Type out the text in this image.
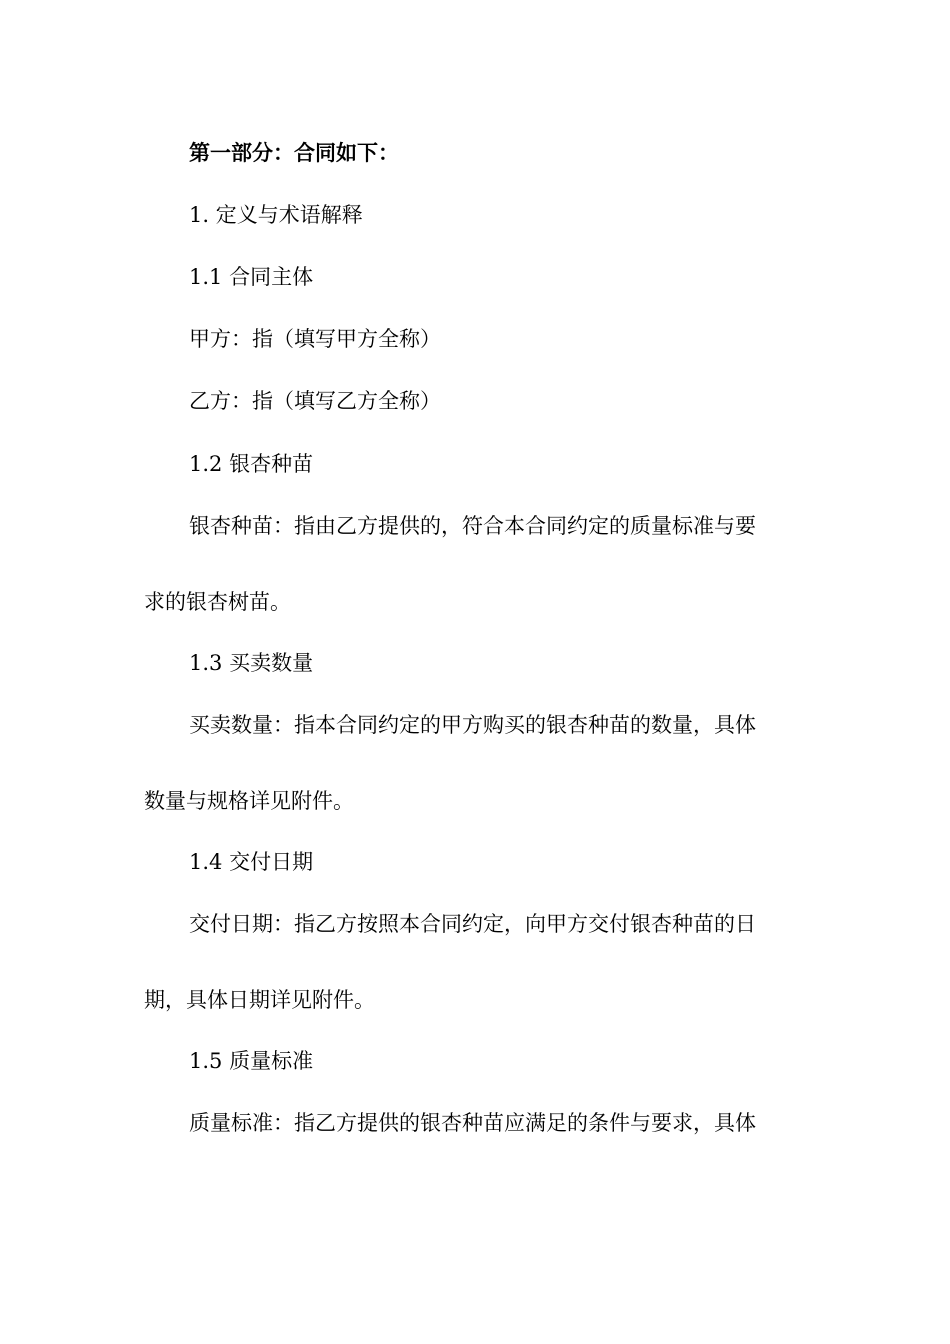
第一部分：合同如下：
1. 定义与术语解释
1.1 合同主体
甲方：指（填写甲方全称）
乙方：指（填写乙方全称）
1.2 银杏种苗
银杏种苗：指由乙方提供的，符合本合同约定的质量标准与要
求的银杏树苗。
1.3 买卖数量
买卖数量：指本合同约定的甲方购买的银杏种苗的数量，具体
数量与规格详见附件。
1.4 交付日期
交付日期：指乙方按照本合同约定，向甲方交付银杏种苗的日
期，具体日期详见附件。
1.5 质量标准
质量标准：指乙方提供的银杏种苗应满足的条件与要求，具体
